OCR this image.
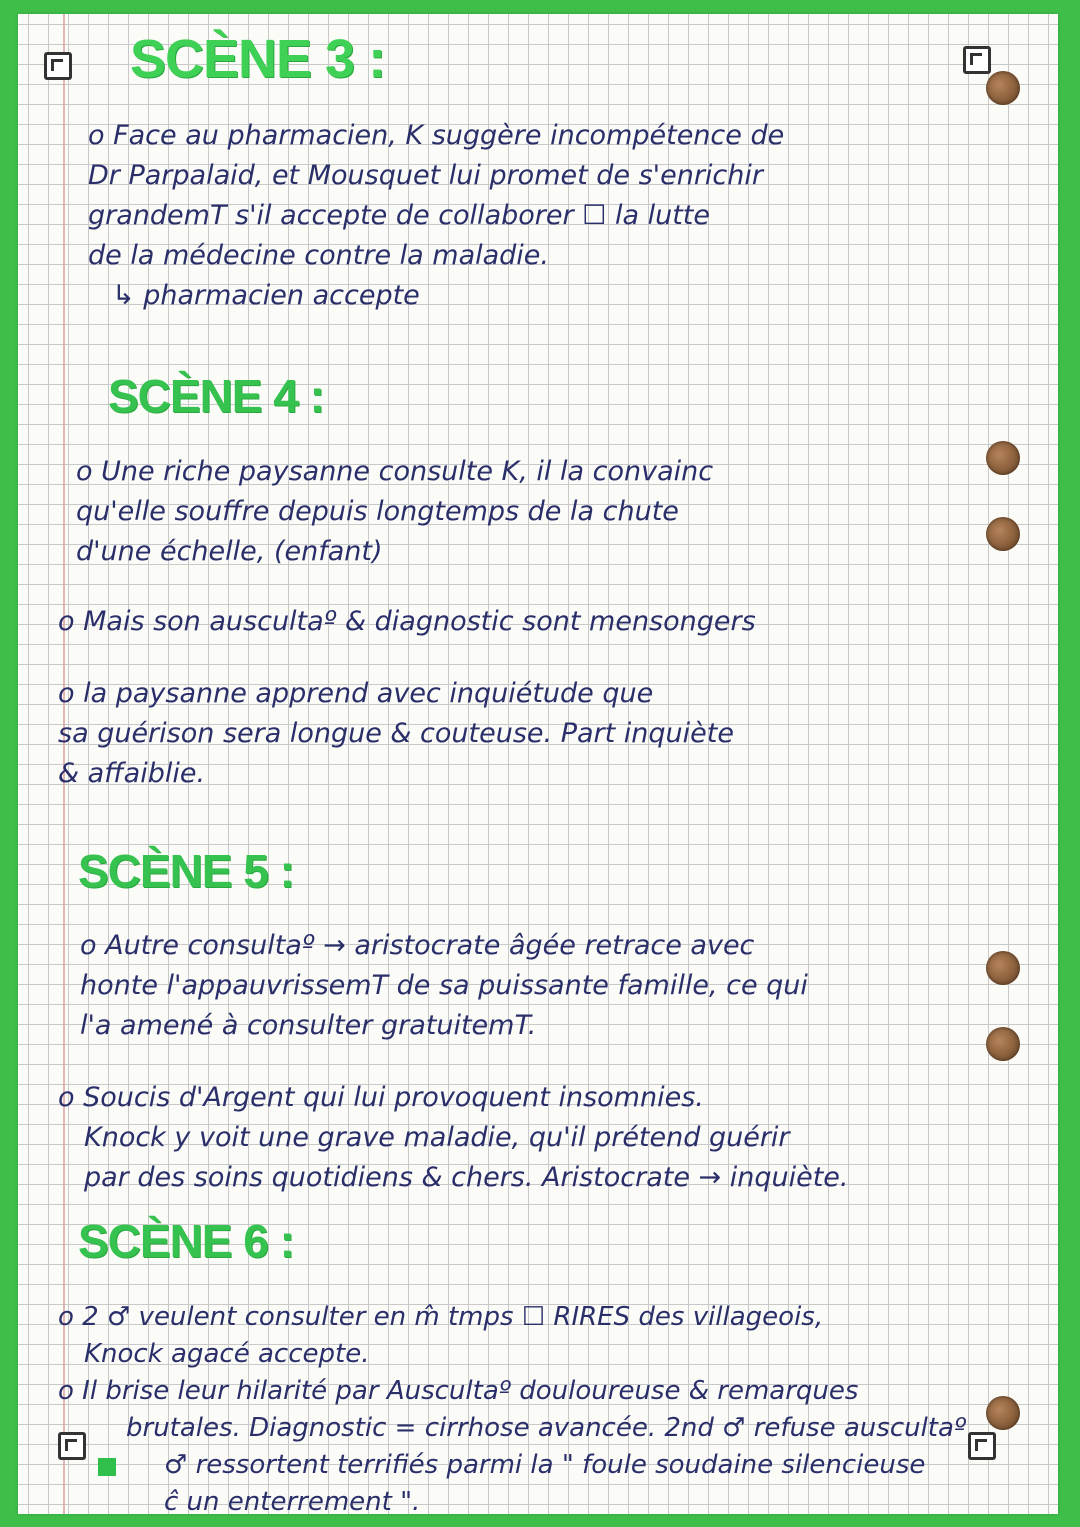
SCÈNE 3 :
o Face au pharmacien, K suggère incompétence de
Dr Parpalaid, et Mousquet lui promet de s'enrichir
grandemT s'il accepte de collaborer ☐ la lutte
de la médecine contre la maladie.
↳ pharmacien accepte
SCÈNE 4 :
o Une riche paysanne consulte K, il la convainc
qu'elle souffre depuis longtemps de la chute
d'une échelle, (enfant)
o Mais son auscultaº & diagnostic sont mensongers
o la paysanne apprend avec inquiétude que
sa guérison sera longue & couteuse. Part inquiète
& affaiblie.
SCÈNE 5 :
o Autre consultaº → aristocrate âgée retrace avec
honte l'appauvrissemT de sa puissante famille, ce qui
l'a amené à consulter gratuitemT.
o Soucis d'Argent qui lui provoquent insomnies.
Knock y voit une grave maladie, qu'il prétend guérir
par des soins quotidiens & chers. Aristocrate → inquiète.
SCÈNE 6 :
o 2 ♂ veulent consulter en m̂ tmps ☐ RIRES des villageois,
Knock agacé accepte.
o Il brise leur hilarité par Auscultaº douloureuse & remarques
brutales. Diagnostic = cirrhose avancée. 2nd ♂ refuse auscultaº
♂ ressortent terrifiés parmi la " foule soudaine silencieuse
ĉ un enterrement ".
